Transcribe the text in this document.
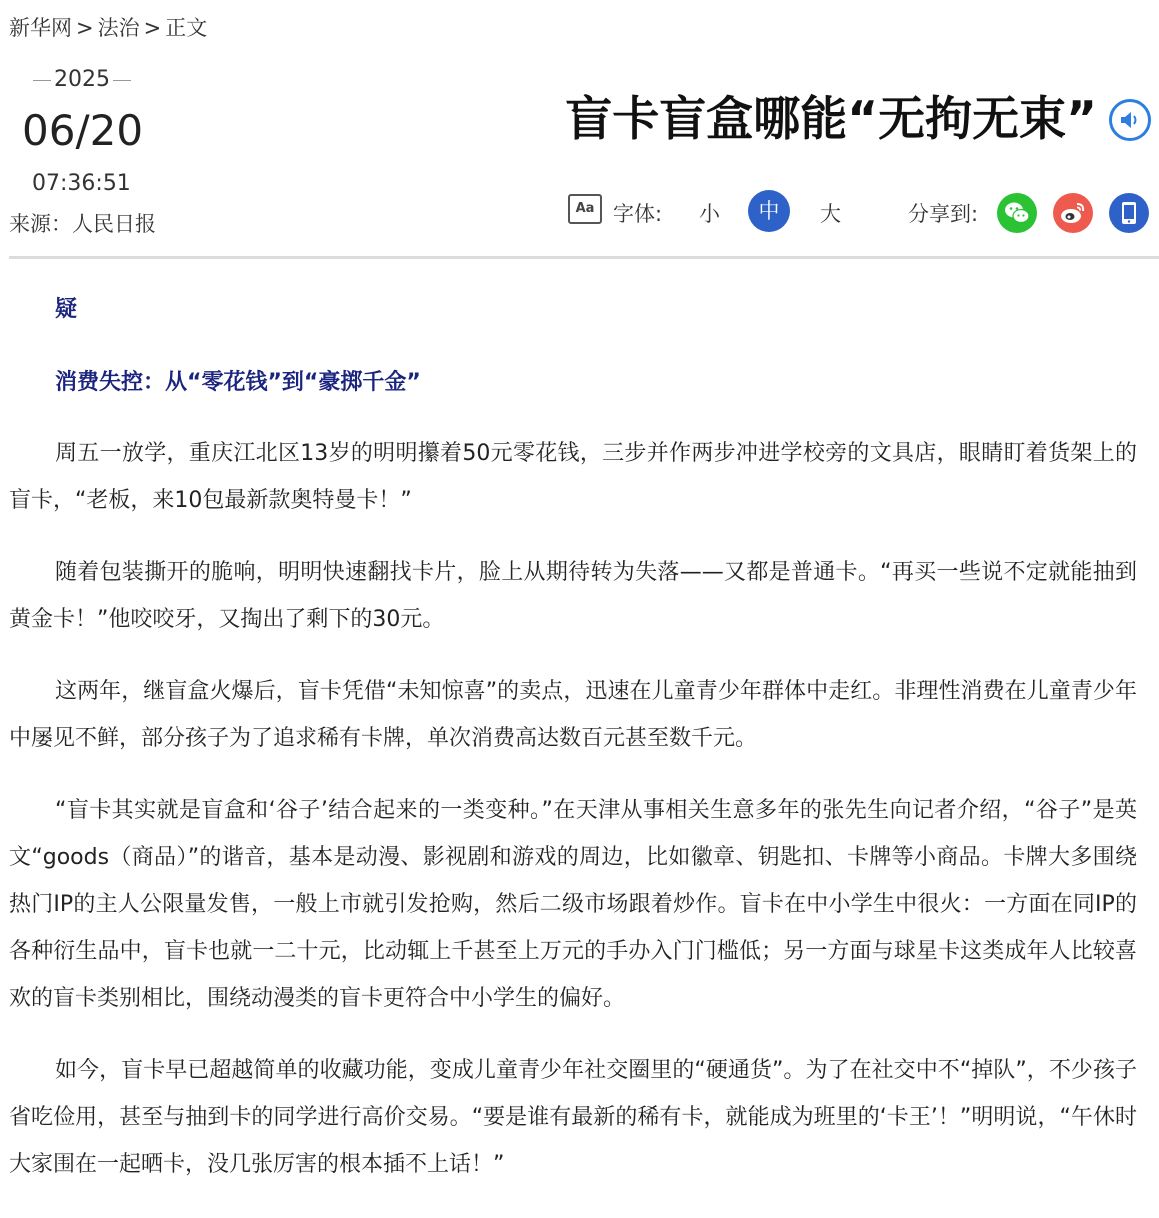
新华网 > 法治 > 正文
2025
06/20
07:36:51
来源：人民日报
盲卡盲盒哪能“无拘无束”
Aa 字体: 小	中	大	分享到:

疑

消费失控：从“零花钱”到“豪掷千金”

周五一放学，重庆江北区13岁的明明攥着50元零花钱，三步并作两步冲进学校旁的文具店，眼睛盯着货架上的盲卡，“老板，来10包最新款奥特曼卡！”

随着包装撕开的脆响，明明快速翻找卡片，脸上从期待转为失落——又都是普通卡。“再买一些说不定就能抽到黄金卡！”他咬咬牙，又掏出了剩下的30元。

这两年，继盲盒火爆后，盲卡凭借“未知惊喜”的卖点，迅速在儿童青少年群体中走红。非理性消费在儿童青少年中屡见不鲜，部分孩子为了追求稀有卡牌，单次消费高达数百元甚至数千元。

“盲卡其实就是盲盒和‘谷子’结合起来的一类变种。”在天津从事相关生意多年的张先生向记者介绍，“谷子”是英文“goods（商品）”的谐音，基本是动漫、影视剧和游戏的周边，比如徽章、钥匙扣、卡牌等小商品。卡牌大多围绕热门IP的主人公限量发售，一般上市就引发抢购，然后二级市场跟着炒作。盲卡在中小学生中很火：一方面在同IP的各种衍生品中，盲卡也就一二十元，比动辄上千甚至上万元的手办入门门槛低；另一方面与球星卡这类成年人比较喜欢的盲卡类别相比，围绕动漫类的盲卡更符合中小学生的偏好。

如今，盲卡早已超越简单的收藏功能，变成儿童青少年社交圈里的“硬通货”。为了在社交中不“掉队”，不少孩子省吃俭用，甚至与抽到卡的同学进行高价交易。“要是谁有最新的稀有卡，就能成为班里的‘卡王’！”明明说，“午休时大家围在一起晒卡，没几张厉害的根本插不上话！”
